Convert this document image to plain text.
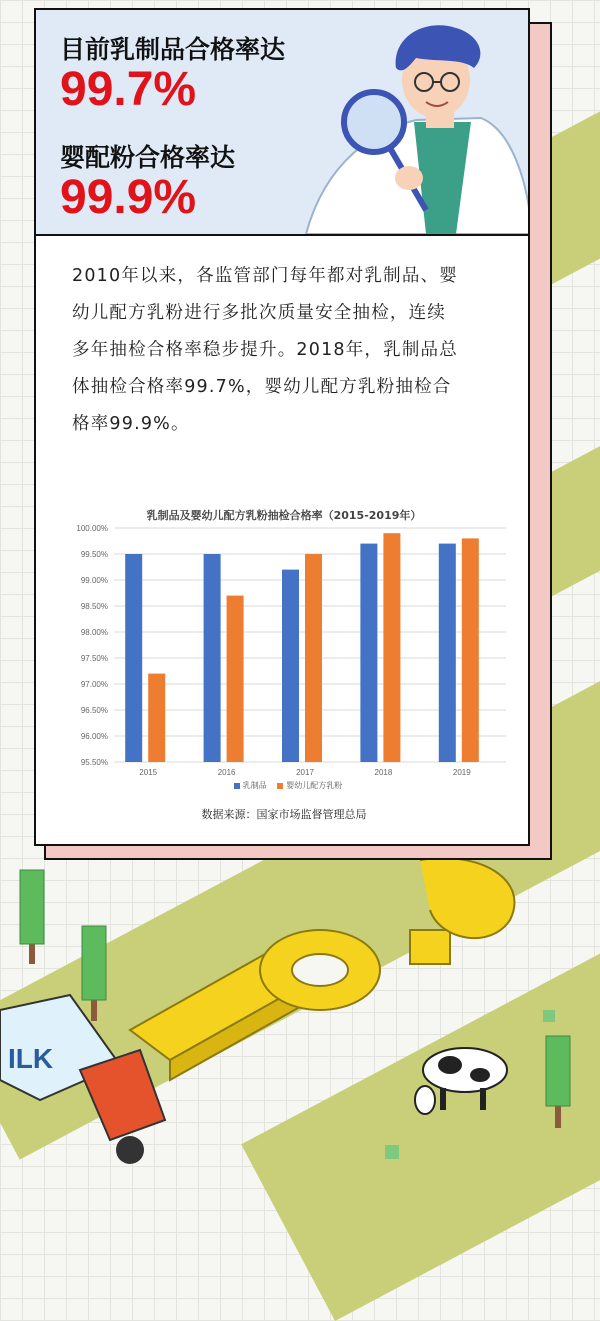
目前乳制品合格率达
99.7%
婴配粉合格率达
99.9%
2010年以来，各监管部门每年都对乳制品、婴
幼儿配方乳粉进行多批次质量安全抽检，连续
多年抽检合格率稳步提升。2018年，乳制品总
体抽检合格率99.7%，婴幼儿配方乳粉抽检合
格率99.9%。
乳制品及婴幼儿配方乳粉抽检合格率（2015-2019年）
95.50%
96.00%
96.50%
97.00%
97.50%
98.00%
98.50%
99.00%
99.50%
100.00%
2015	2016	2017	2018	2019
乳制品 婴幼儿配方乳粉
数据来源：国家市场监督管理总局
ILK
